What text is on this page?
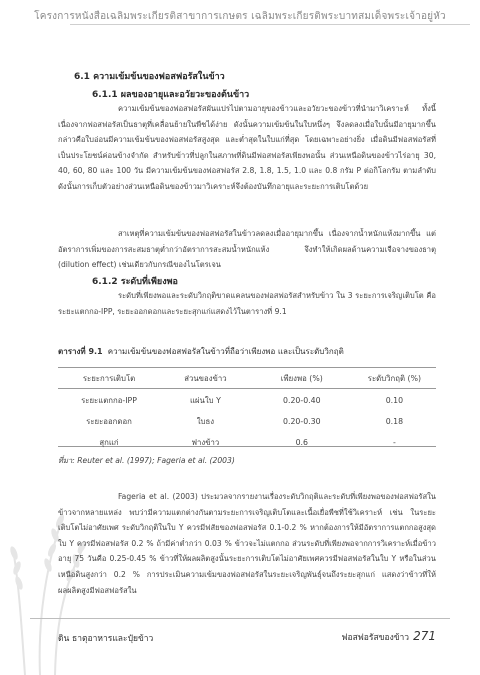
โครงการหนังสือเฉลิมพระเกียรติสาขาการเกษตร เฉลิมพระเกียรติพระบาทสมเด็จพระเจ้าอยู่หัว
6.1 ความเข้มข้นของฟอสฟอรัสในข้าว
6.1.1 ผลของอายุและอวัยวะของต้นข้าว
ความเข้มข้นของฟอสฟอรัสผันแปรไปตามอายุของข้าวและอวัยวะของข้าวที่นำมาวิเคราะห์ ทั้งนี้เนื่องจากฟอสฟอรัสเป็นธาตุที่เคลื่อนย้ายในพืชได้ง่าย ดังนั้นความเข้มข้นในใบหนึ่งๆ จึงลดลงเมื่อใบนั้นมีอายุมากขึ้น กล่าวคือใบอ่อนมีความเข้มข้นของฟอสฟอรัสสูงสุด และต่ำสุดในใบแก่ที่สุด โดยเฉพาะอย่างยิ่ง เมื่อดินมีฟอสฟอรัสที่เป็นประโยชน์ค่อนข้างจำกัด สำหรับข้าวที่ปลูกในสภาพที่ดินมีฟอสฟอรัสเพียงพอนั้น ส่วนเหนือดินของข้าวไร่อายุ 30, 40, 60, 80 และ 100 วัน มีความเข้มข้นของฟอสฟอรัส 2.8, 1.8, 1.5, 1.0 และ 0.8 กรัม P ต่อกิโลกรัม ตามลำดับ ดังนั้นการเก็บตัวอย่างส่วนเหนือดินของข้าวมาวิเคราะห์จึงต้องบันทึกอายุและระยะการเติบโตด้วย
สาเหตุที่ความเข้มข้นของฟอสฟอรัสในข้าวลดลงเมื่ออายุมากขึ้น เนื่องจากน้ำหนักแห้งมากขึ้น แต่อัตราการเพิ่มของการสะสมธาตุต่ำกว่าอัตราการสะสมน้ำหนักแห้ง จึงทำให้เกิดผลด้านความเจือจางของธาตุ (dilution effect) เช่นเดียวกับกรณีของไนโตรเจน
6.1.2 ระดับที่เพียงพอ
ระดับที่เพียงพอและระดับวิกฤติขาดแคลนของฟอสฟอรัสสำหรับข้าว ใน 3 ระยะการเจริญเติบโต คือ ระยะแตกกอ-IPP, ระยะออกดอกและระยะสุกแก่แสดงไว้ในตารางที่ 9.1
ตารางที่ 9.1 ความเข้มข้นของฟอสฟอรัสในข้าวที่ถือว่าเพียงพอ และเป็นระดับวิกฤติ
ระยะการเติบโต	ส่วนของข้าว	เพียงพอ (%)	ระดับวิกฤติ (%)
ระยะแตกกอ-IPP	แผ่นใบ Y	0.20-0.40	0.10
ระยะออกดอก	ใบธง	0.20-0.30	0.18
สุกแก่	ฟางข้าว	0.6	-
ที่มา: Reuter et al. (1997); Fageria et al. (2003)
Fageria et al. (2003) ประมวลจากรายงานเรื่องระดับวิกฤติและระดับที่เพียงพอของฟอสฟอรัสในข้าวจากหลายแหล่ง พบว่ามีความแตกต่างกันตามระยะการเจริญเติบโตและเนื้อเยื่อพืชที่ใช้วิเคราะห์ เช่น ในระยะเติบโตไม่อาศัยเพศ ระดับวิกฤติในใบ Y ควรมีฟสัยของฟอสฟอรัส 0.1-0.2 % หากต้องการให้มีอัตราการแตกกอสูงสุดใบ Y ควรมีฟอสฟอรัส 0.2 % ถ้ามีค่าต่ำกว่า 0.03 % ข้าวจะไม่แตกกอ ส่วนระดับที่เพียงพอจากการวิเคราะห์เมื่อข้าวอายุ 75 วันคือ 0.25-0.45 % ข้าวที่ให้ผลผลิตสูงนั้นระยะการเติบโตไม่อาศัยเพศควรมีฟอสฟอรัสในใบ Y หรือในส่วนเหนือดินสูงกว่า 0.2 % การประเมินความเข้มของฟอสฟอรัสในระยะเจริญพันธุ์จนถึงระยะสุกแก่ แสดงว่าข้าวที่ให้ผลผลิตสูงมีฟอสฟอรัสใน
ดิน ธาตุอาหารและปุ๋ยข้าว	ฟอสฟอรัสของข้าว 271
